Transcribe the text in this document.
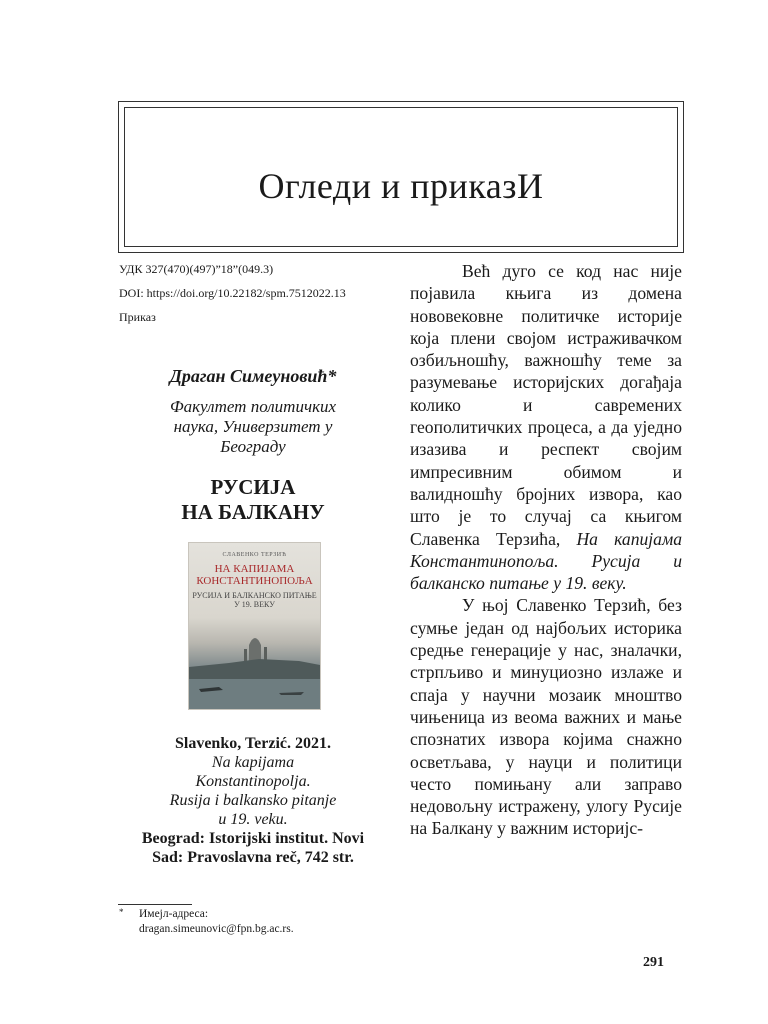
Огледи и приказИ
УДК 327(470)(497)”18”(049.3)
DOI: https://doi.org/10.22182/spm.7512022.13
Приказ
Драган Симеуновић*
Факултет политичких
наука, Универзитет у
Београду
РУСИЈА
НА БАЛКАНУ
СЛАВЕНКО ТЕРЗИЋ
НА КАПИЈАМА
КОНСТАНТИНОПОЉА
РУСИЈА И БАЛКАНСКО ПИТАЊЕ
У 19. ВЕКУ
Slavenko, Terzić. 2021.
Na kapijama
Konstantinopolja.
Rusija i balkansko pitanje
u 19. veku.
Beograd: Istorijski institut. Novi
Sad: Pravoslavna reč, 742 str.

Већ дуго се код нас није појавила књига из домена нововековне политичке историје која плени својом истраживачком озбиљношћу, важношћу теме за разумевање историјских догађаја колико и савремених геополитичких процеса, а да уједно изазива и респект својим импресивним обимом и валидношћу бројних извора, као што је то случај са књигом Славенка Терзића, На капијама Константинопоља. Русија и балканско питање у 19. веку.

У њој Славенко Терзић, без сумње један од најбољих историка средње генерације у нас, зналачки, стрпљиво и минуциозно излаже и спаја у научни мозаик мноштво чињеница из веома важних и мање спознатих извора којима снажно осветљава, у науци и политици често помињану али заправо недовољну истражену, улогу Русије на Балкану у важним историјс-

* Имејл-адреса:
dragan.simeunovic@fpn.bg.ac.rs.
291
